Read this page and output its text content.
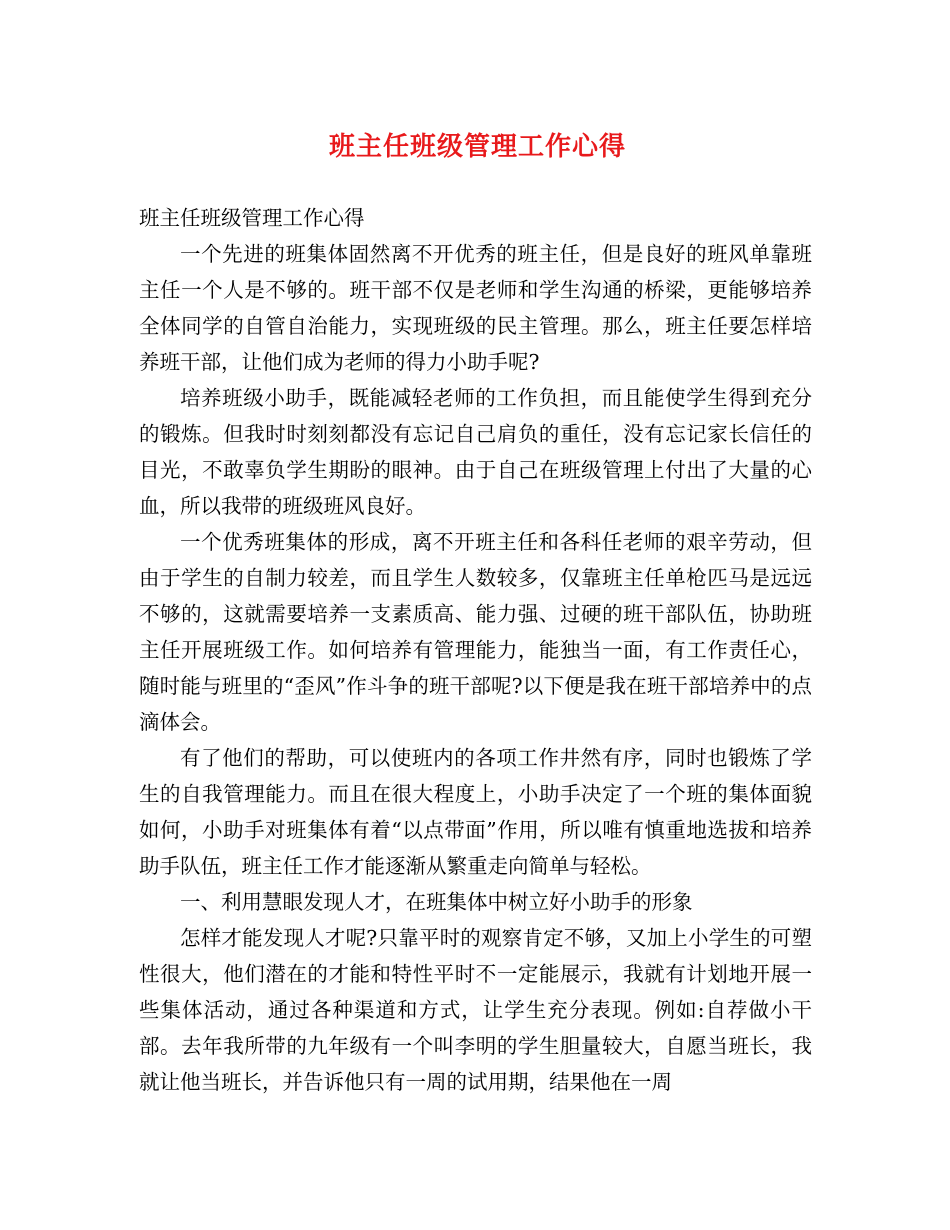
班主任班级管理工作心得

班主任班级管理工作心得

一个先进的班集体固然离不开优秀的班主任，但是良好的班风单靠班主任一个人是不够的。班干部不仅是老师和学生沟通的桥梁，更能够培养全体同学的自管自治能力，实现班级的民主管理。那么，班主任要怎样培养班干部，让他们成为老师的得力小助手呢?

培养班级小助手，既能减轻老师的工作负担，而且能使学生得到充分的锻炼。但我时时刻刻都没有忘记自己肩负的重任，没有忘记家长信任的目光，不敢辜负学生期盼的眼神。由于自己在班级管理上付出了大量的心血，所以我带的班级班风良好。

一个优秀班集体的形成，离不开班主任和各科任老师的艰辛劳动，但由于学生的自制力较差，而且学生人数较多，仅靠班主任单枪匹马是远远不够的，这就需要培养一支素质高、能力强、过硬的班干部队伍，协助班主任开展班级工作。如何培养有管理能力，能独当一面，有工作责任心，随时能与班里的“歪风”作斗争的班干部呢?以下便是我在班干部培养中的点滴体会。

有了他们的帮助，可以使班内的各项工作井然有序，同时也锻炼了学生的自我管理能力。而且在很大程度上，小助手决定了一个班的集体面貌如何，小助手对班集体有着“以点带面”作用，所以唯有慎重地选拔和培养助手队伍，班主任工作才能逐渐从繁重走向简单与轻松。

一、利用慧眼发现人才，在班集体中树立好小助手的形象

怎样才能发现人才呢?只靠平时的观察肯定不够，又加上小学生的可塑性很大，他们潜在的才能和特性平时不一定能展示，我就有计划地开展一些集体活动，通过各种渠道和方式，让学生充分表现。例如:自荐做小干部。去年我所带的九年级有一个叫李明的学生胆量较大，自愿当班长，我就让他当班长，并告诉他只有一周的试用期，结果他在一周
